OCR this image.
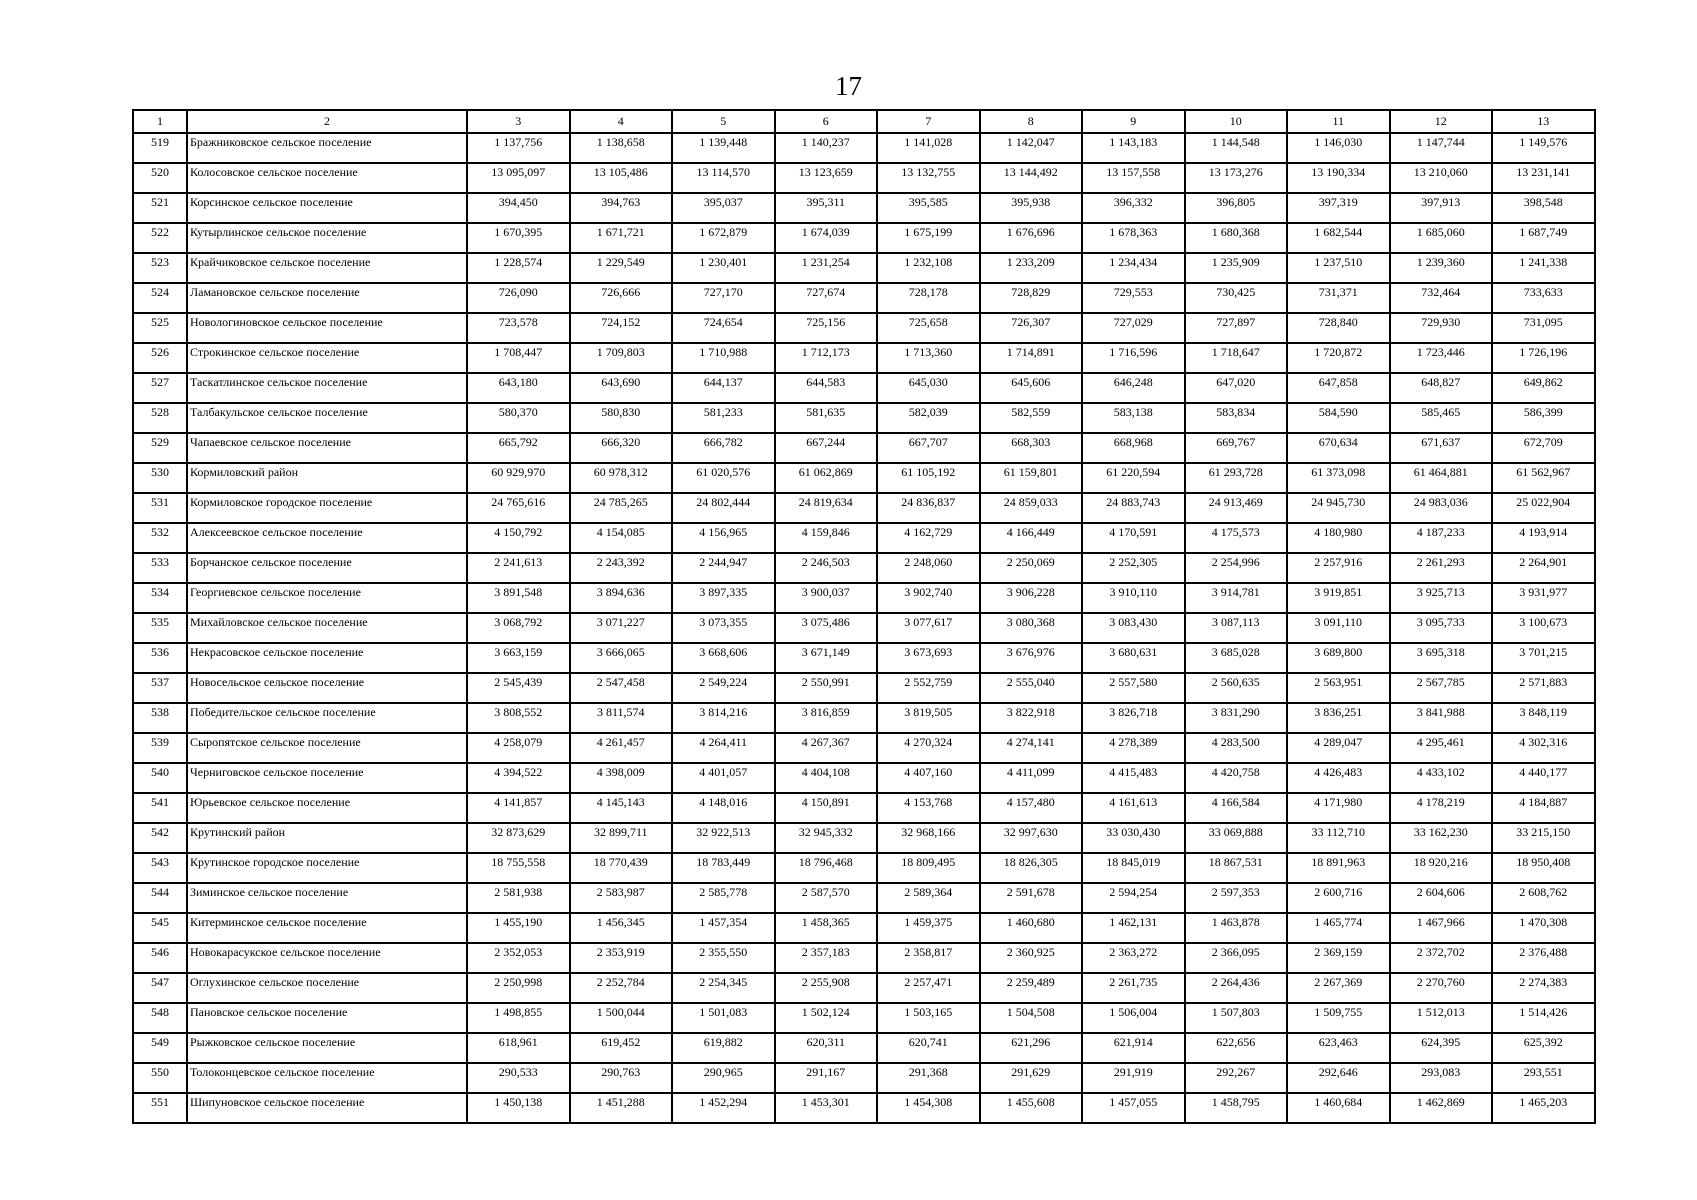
17
1	2	3	4	5	6	7	8	9	10	11	12	13
519	Бражниковское сельское поселение	1 137,756	1 138,658	1 139,448	1 140,237	1 141,028	1 142,047	1 143,183	1 144,548	1 146,030	1 147,744	1 149,576
520	Колосовское сельское поселение	13 095,097	13 105,486	13 114,570	13 123,659	13 132,755	13 144,492	13 157,558	13 173,276	13 190,334	13 210,060	13 231,141
521	Корсинское сельское поселение	394,450	394,763	395,037	395,311	395,585	395,938	396,332	396,805	397,319	397,913	398,548
522	Кутырлинское сельское поселение	1 670,395	1 671,721	1 672,879	1 674,039	1 675,199	1 676,696	1 678,363	1 680,368	1 682,544	1 685,060	1 687,749
523	Крайчиковское сельское поселение	1 228,574	1 229,549	1 230,401	1 231,254	1 232,108	1 233,209	1 234,434	1 235,909	1 237,510	1 239,360	1 241,338
524	Ламановское сельское поселение	726,090	726,666	727,170	727,674	728,178	728,829	729,553	730,425	731,371	732,464	733,633
525	Новологиновское сельское поселение	723,578	724,152	724,654	725,156	725,658	726,307	727,029	727,897	728,840	729,930	731,095
526	Строкинское сельское поселение	1 708,447	1 709,803	1 710,988	1 712,173	1 713,360	1 714,891	1 716,596	1 718,647	1 720,872	1 723,446	1 726,196
527	Таскатлинское сельское поселение	643,180	643,690	644,137	644,583	645,030	645,606	646,248	647,020	647,858	648,827	649,862
528	Талбакульское сельское поселение	580,370	580,830	581,233	581,635	582,039	582,559	583,138	583,834	584,590	585,465	586,399
529	Чапаевское сельское поселение	665,792	666,320	666,782	667,244	667,707	668,303	668,968	669,767	670,634	671,637	672,709
530	Кормиловский район	60 929,970	60 978,312	61 020,576	61 062,869	61 105,192	61 159,801	61 220,594	61 293,728	61 373,098	61 464,881	61 562,967
531	Кормиловское городское поселение	24 765,616	24 785,265	24 802,444	24 819,634	24 836,837	24 859,033	24 883,743	24 913,469	24 945,730	24 983,036	25 022,904
532	Алексеевское сельское поселение	4 150,792	4 154,085	4 156,965	4 159,846	4 162,729	4 166,449	4 170,591	4 175,573	4 180,980	4 187,233	4 193,914
533	Борчанское сельское поселение	2 241,613	2 243,392	2 244,947	2 246,503	2 248,060	2 250,069	2 252,305	2 254,996	2 257,916	2 261,293	2 264,901
534	Георгиевское сельское поселение	3 891,548	3 894,636	3 897,335	3 900,037	3 902,740	3 906,228	3 910,110	3 914,781	3 919,851	3 925,713	3 931,977
535	Михайловское сельское поселение	3 068,792	3 071,227	3 073,355	3 075,486	3 077,617	3 080,368	3 083,430	3 087,113	3 091,110	3 095,733	3 100,673
536	Некрасовское сельское поселение	3 663,159	3 666,065	3 668,606	3 671,149	3 673,693	3 676,976	3 680,631	3 685,028	3 689,800	3 695,318	3 701,215
537	Новосельское сельское поселение	2 545,439	2 547,458	2 549,224	2 550,991	2 552,759	2 555,040	2 557,580	2 560,635	2 563,951	2 567,785	2 571,883
538	Победительское сельское поселение	3 808,552	3 811,574	3 814,216	3 816,859	3 819,505	3 822,918	3 826,718	3 831,290	3 836,251	3 841,988	3 848,119
539	Сыропятское сельское поселение	4 258,079	4 261,457	4 264,411	4 267,367	4 270,324	4 274,141	4 278,389	4 283,500	4 289,047	4 295,461	4 302,316
540	Черниговское сельское поселение	4 394,522	4 398,009	4 401,057	4 404,108	4 407,160	4 411,099	4 415,483	4 420,758	4 426,483	4 433,102	4 440,177
541	Юрьевское сельское поселение	4 141,857	4 145,143	4 148,016	4 150,891	4 153,768	4 157,480	4 161,613	4 166,584	4 171,980	4 178,219	4 184,887
542	Крутинский район	32 873,629	32 899,711	32 922,513	32 945,332	32 968,166	32 997,630	33 030,430	33 069,888	33 112,710	33 162,230	33 215,150
543	Крутинское городское поселение	18 755,558	18 770,439	18 783,449	18 796,468	18 809,495	18 826,305	18 845,019	18 867,531	18 891,963	18 920,216	18 950,408
544	Зиминское сельское поселение	2 581,938	2 583,987	2 585,778	2 587,570	2 589,364	2 591,678	2 594,254	2 597,353	2 600,716	2 604,606	2 608,762
545	Китерминское сельское поселение	1 455,190	1 456,345	1 457,354	1 458,365	1 459,375	1 460,680	1 462,131	1 463,878	1 465,774	1 467,966	1 470,308
546	Новокарасукское сельское поселение	2 352,053	2 353,919	2 355,550	2 357,183	2 358,817	2 360,925	2 363,272	2 366,095	2 369,159	2 372,702	2 376,488
547	Оглухинское сельское поселение	2 250,998	2 252,784	2 254,345	2 255,908	2 257,471	2 259,489	2 261,735	2 264,436	2 267,369	2 270,760	2 274,383
548	Пановское сельское поселение	1 498,855	1 500,044	1 501,083	1 502,124	1 503,165	1 504,508	1 506,004	1 507,803	1 509,755	1 512,013	1 514,426
549	Рыжковское сельское поселение	618,961	619,452	619,882	620,311	620,741	621,296	621,914	622,656	623,463	624,395	625,392
550	Толоконцевское сельское поселение	290,533	290,763	290,965	291,167	291,368	291,629	291,919	292,267	292,646	293,083	293,551
551	Шипуновское сельское поселение	1 450,138	1 451,288	1 452,294	1 453,301	1 454,308	1 455,608	1 457,055	1 458,795	1 460,684	1 462,869	1 465,203
